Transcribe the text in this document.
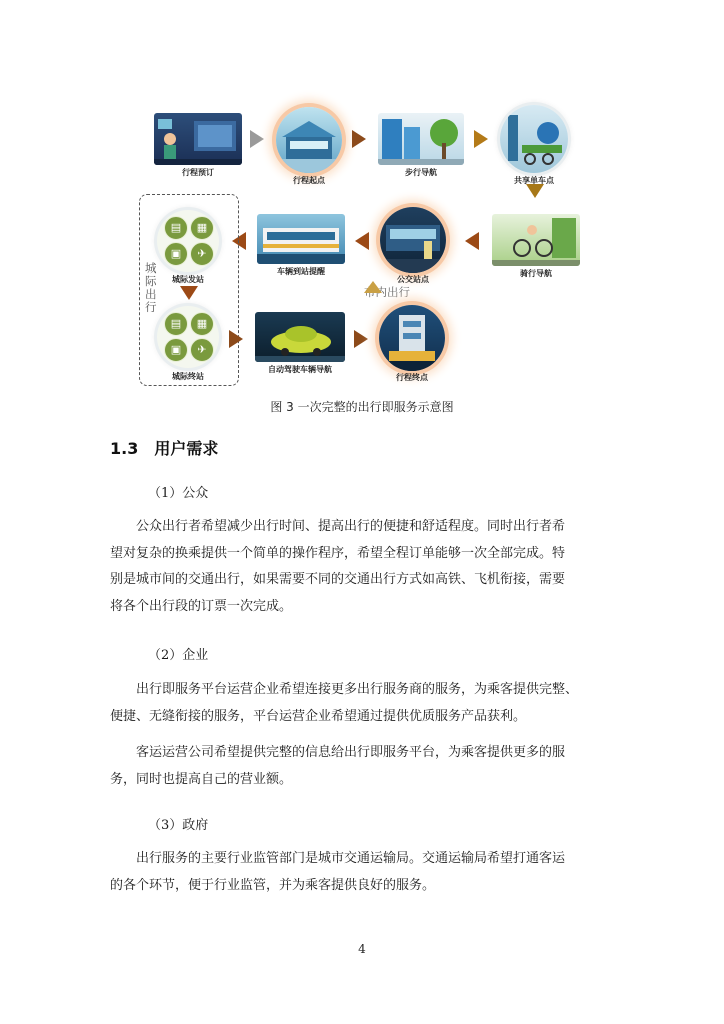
行程预订
行程起点
步行导航
共享单车点
骑行导航
公交站点
车辆到站提醒
城际出行
▤	▦
▣	✈
城际发站
▤	▦
▣	✈
城际终站
自动驾驶车辆导航
市内出行
行程终点
图 3 一次完整的出行即服务示意图
1.3 用户需求
（1）公众
公众出行者希望减少出行时间、提高出行的便捷和舒适程度。同时出行者希
望对复杂的换乘提供一个简单的操作程序，希望全程订单能够一次全部完成。特
别是城市间的交通出行，如果需要不同的交通出行方式如高铁、飞机衔接，需要
将各个出行段的订票一次完成。
（2）企业
出行即服务平台运营企业希望连接更多出行服务商的服务，为乘客提供完整、
便捷、无缝衔接的服务，平台运营企业希望通过提供优质服务产品获利。
客运运营公司希望提供完整的信息给出行即服务平台，为乘客提供更多的服
务，同时也提高自己的营业额。
（3）政府
出行服务的主要行业监管部门是城市交通运输局。交通运输局希望打通客运
的各个环节，便于行业监管，并为乘客提供良好的服务。
4
